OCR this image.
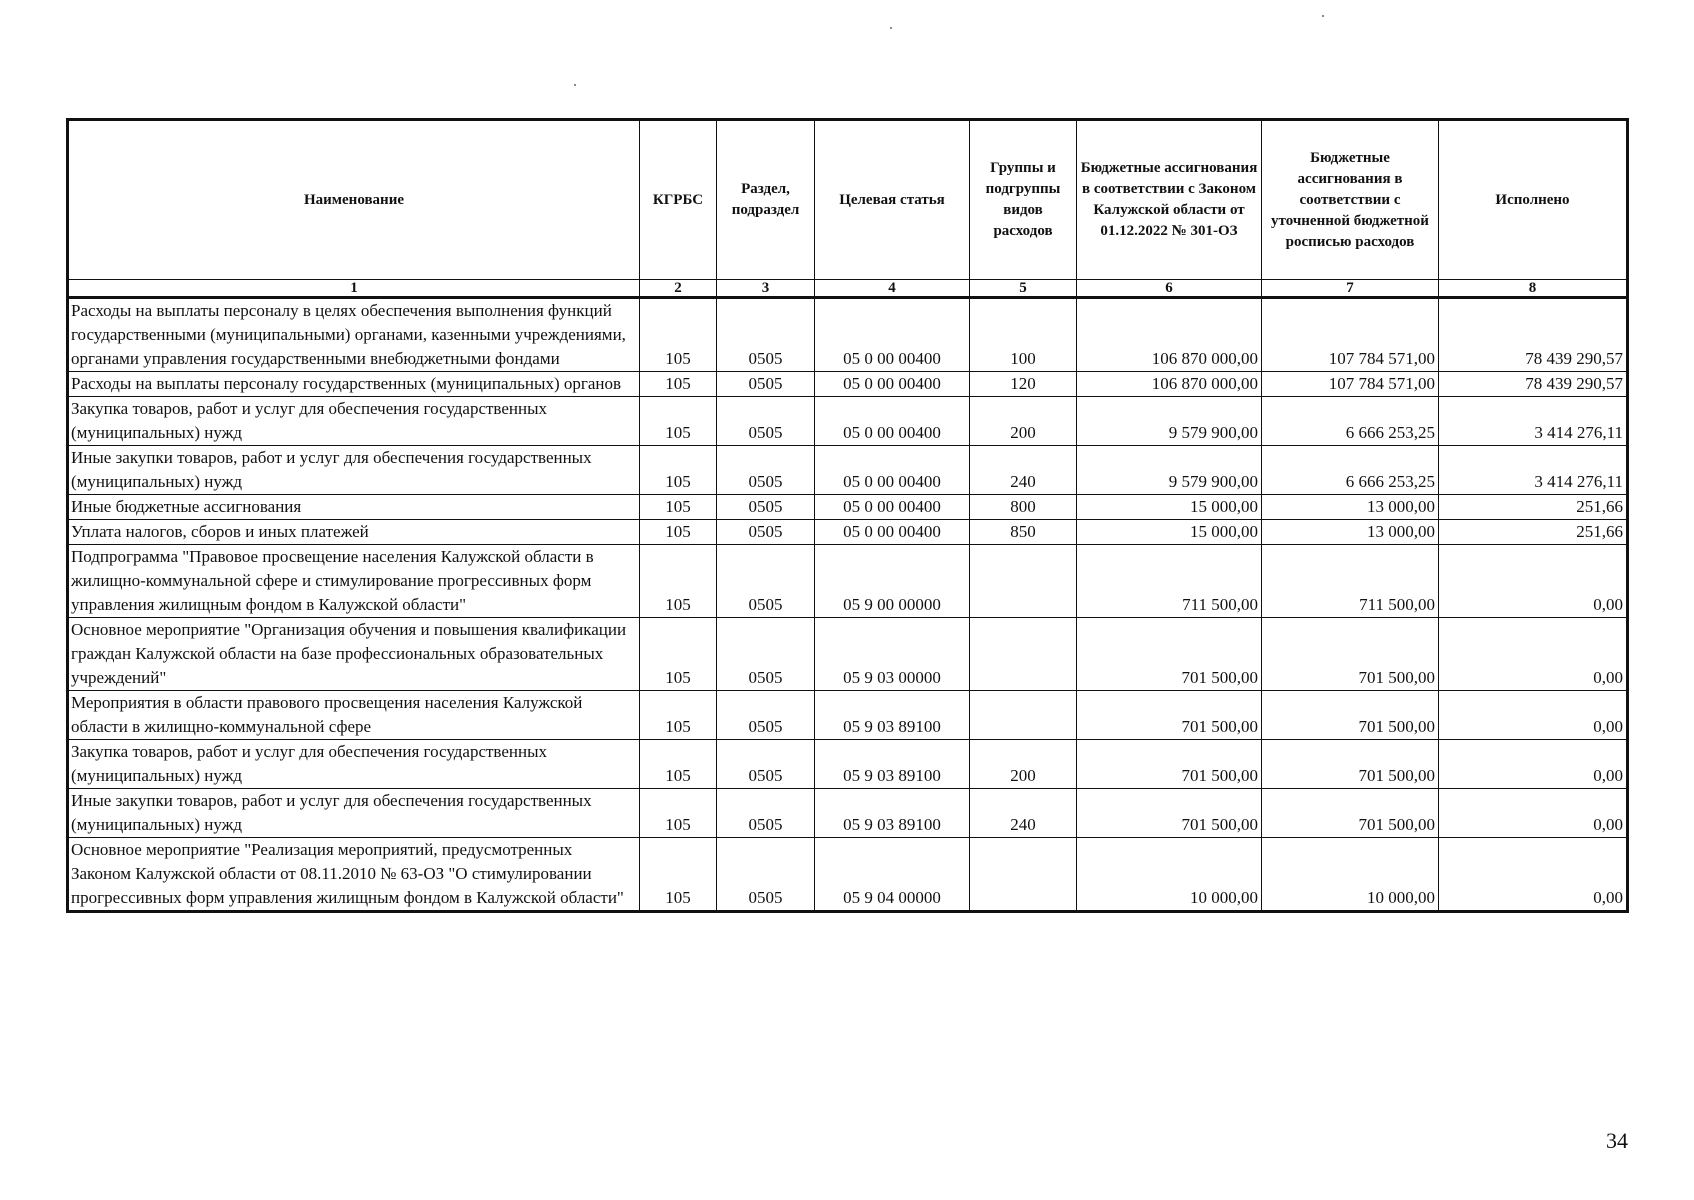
Наименование	КГРБС	Раздел, подраздел	Целевая статья	Группы и подгруппы видов расходов	Бюджетные ассигнования в соответствии с Законом Калужской области от 01.12.2022 № 301-ОЗ	Бюджетные ассигнования в соответствии с уточненной бюджетной росписью расходов	Исполнено
1	2	3	4	5	6	7	8
Расходы на выплаты персоналу в целях обеспечения выполнения функций государственными (муниципальными) органами, казенными учреждениями, органами управления государственными внебюджетными фондами	105	0505	05 0 00 00400	100	106 870 000,00	107 784 571,00	78 439 290,57
Расходы на выплаты персоналу государственных (муниципальных) органов	105	0505	05 0 00 00400	120	106 870 000,00	107 784 571,00	78 439 290,57
Закупка товаров, работ и услуг для обеспечения государственных (муниципальных) нужд	105	0505	05 0 00 00400	200	9 579 900,00	6 666 253,25	3 414 276,11
Иные закупки товаров, работ и услуг для обеспечения государственных (муниципальных) нужд	105	0505	05 0 00 00400	240	9 579 900,00	6 666 253,25	3 414 276,11
Иные бюджетные ассигнования	105	0505	05 0 00 00400	800	15 000,00	13 000,00	251,66
Уплата налогов, сборов и иных платежей	105	0505	05 0 00 00400	850	15 000,00	13 000,00	251,66
Подпрограмма "Правовое просвещение населения Калужской области в жилищно-коммунальной сфере и стимулирование прогрессивных форм управления жилищным фондом в Калужской области"	105	0505	05 9 00 00000		711 500,00	711 500,00	0,00
Основное мероприятие "Организация обучения и повышения квалификации граждан Калужской области на базе профессиональных образовательных учреждений"	105	0505	05 9 03 00000		701 500,00	701 500,00	0,00
Мероприятия в области правового просвещения населения Калужской области в жилищно-коммунальной сфере	105	0505	05 9 03 89100		701 500,00	701 500,00	0,00
Закупка товаров, работ и услуг для обеспечения государственных (муниципальных) нужд	105	0505	05 9 03 89100	200	701 500,00	701 500,00	0,00
Иные закупки товаров, работ и услуг для обеспечения государственных (муниципальных) нужд	105	0505	05 9 03 89100	240	701 500,00	701 500,00	0,00
Основное мероприятие "Реализация мероприятий, предусмотренных Законом Калужской области от 08.11.2010 № 63-ОЗ "О стимулировании прогрессивных форм управления жилищным фондом в Калужской области"	105	0505	05 9 04 00000		10 000,00	10 000,00	0,00
34
